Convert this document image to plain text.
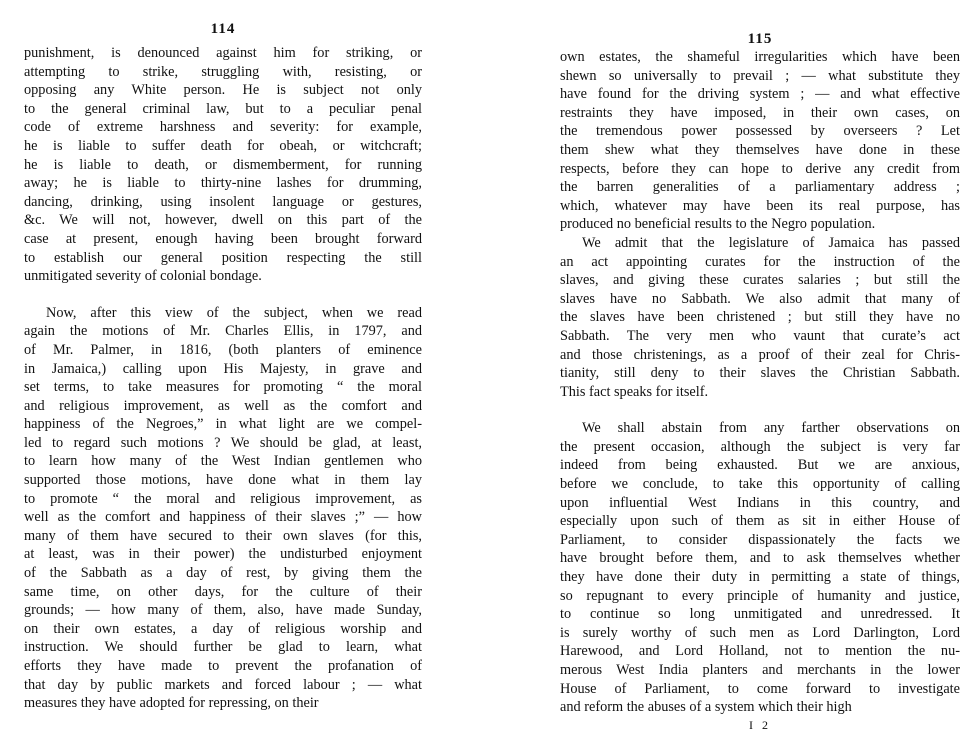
114
punishment, is denounced against him for striking, or
attempting to strike, struggling with, resisting, or
opposing any White person. He is subject not only
to the general criminal law, but to a peculiar penal
code of extreme harshness and severity: for example,
he is liable to suffer death for obeah, or witchcraft;
he is liable to death, or dismemberment, for running
away; he is liable to thirty-nine lashes for drumming,
dancing, drinking, using insolent language or gestures,
&c. We will not, however, dwell on this part of the
case at present, enough having been brought forward
to establish our general position respecting the still
unmitigated severity of colonial bondage.
Now, after this view of the subject, when we read
again the motions of Mr. Charles Ellis, in 1797, and
of Mr. Palmer, in 1816, (both planters of eminence
in Jamaica,) calling upon His Majesty, in grave and
set terms, to take measures for promoting “ the moral
and religious improvement, as well as the comfort and
happiness of the Negroes,” in what light are we compel-
led to regard such motions ? We should be glad, at least,
to learn how many of the West Indian gentlemen who
supported those motions, have done what in them lay
to promote “ the moral and religious improvement, as
well as the comfort and happiness of their slaves ;” — how
many of them have secured to their own slaves (for this,
at least, was in their power) the undisturbed enjoyment
of the Sabbath as a day of rest, by giving them the
same time, on other days, for the culture of their
grounds; — how many of them, also, have made Sunday,
on their own estates, a day of religious worship and
instruction. We should further be glad to learn, what
efforts they have made to prevent the profanation of
that day by public markets and forced labour ; — what
measures they have adopted for repressing, on their
115
own estates, the shameful irregularities which have been
shewn so universally to prevail ; — what substitute they
have found for the driving system ; — and what effective
restraints they have imposed, in their own cases, on
the tremendous power possessed by overseers ? Let
them shew what they themselves have done in these
respects, before they can hope to derive any credit from
the barren generalities of a parliamentary address ;
which, whatever may have been its real purpose, has
produced no beneficial results to the Negro population.
We admit that the legislature of Jamaica has passed
an act appointing curates for the instruction of the
slaves, and giving these curates salaries ; but still the
slaves have no Sabbath. We also admit that many of
the slaves have been christened ; but still they have no
Sabbath. The very men who vaunt that curate’s act
and those christenings, as a proof of their zeal for Chris-
tianity, still deny to their slaves the Christian Sabbath.
This fact speaks for itself.
We shall abstain from any farther observations on
the present occasion, although the subject is very far
indeed from being exhausted. But we are anxious,
before we conclude, to take this opportunity of calling
upon influential West Indians in this country, and
especially upon such of them as sit in either House of
Parliament, to consider dispassionately the facts we
have brought before them, and to ask themselves whether
they have done their duty in permitting a state of things,
so repugnant to every principle of humanity and justice,
to continue so long unmitigated and unredressed. It
is surely worthy of such men as Lord Darlington, Lord
Harewood, and Lord Holland, not to mention the nu-
merous West India planters and merchants in the lower
House of Parliament, to come forward to investigate
and reform the abuses of a system which their high
I 2
